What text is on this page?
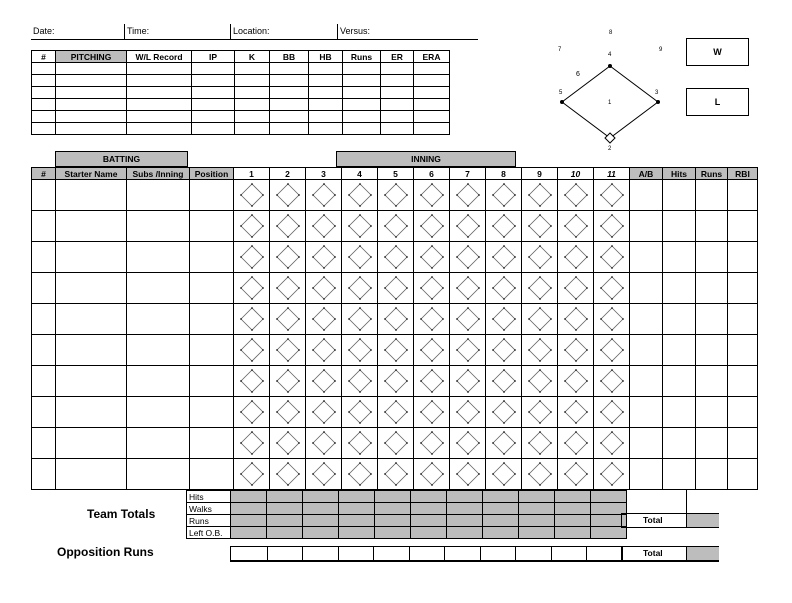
Date:	Time:	Location:	Versus:
#	PITCHING	W/L Record	IP	K	BB	HB	Runs	ER	ERA

8
7
4
9
6
5
1
3
2
W
L
BATTING	INNING
#	Starter Name	Subs /Inning	Position	1	2	3	4	5	6	7	8	9	10	11	A/B	Hits	Runs	RBI

Team Totals
Hits											
Walks											
Runs											
Left O.B.											
Total
Opposition Runs	Total
